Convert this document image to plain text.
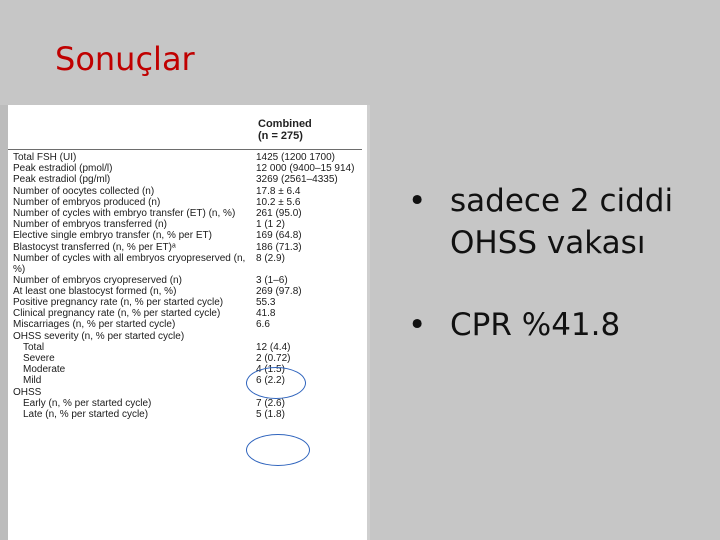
Sonuçlar
Combined
(n = 275)
Total FSH (UI)	1425 (1200 1700)
Peak estradiol (pmol/l)	12 000 (9400–15 914)
Peak estradiol (pg/ml)	3269 (2561–4335)
Number of oocytes collected (n)	17.8 ± 6.4
Number of embryos produced (n)	10.2 ± 5.6
Number of cycles with embryo transfer (ET) (n, %)	261 (95.0)
Number of embryos transferred (n)	1 (1 2)
Elective single embryo transfer (n, % per ET)	169 (64.8)
Blastocyst transferred (n, % per ET)ᵃ	186 (71.3)
Number of cycles with all embryos cryopreserved (n, %)
8 (2.9)
Number of embryos cryopreserved (n)	3 (1–6)
At least one blastocyst formed (n, %)	269 (97.8)
Positive pregnancy rate (n, % per started cycle)	55.3
Clinical pregnancy rate (n, % per started cycle)	41.8
Miscarriages (n, % per started cycle)	6.6
OHSS severity (n, % per started cycle)
Total	12 (4.4)
Severe	2 (0.72)
Moderate	4 (1.5)
Mild	6 (2.2)
OHSS
Early (n, % per started cycle)	7 (2.6)
Late (n, % per started cycle)	5 (1.8)
• sadece 2 ciddi OHSS vakası
• CPR %41.8
